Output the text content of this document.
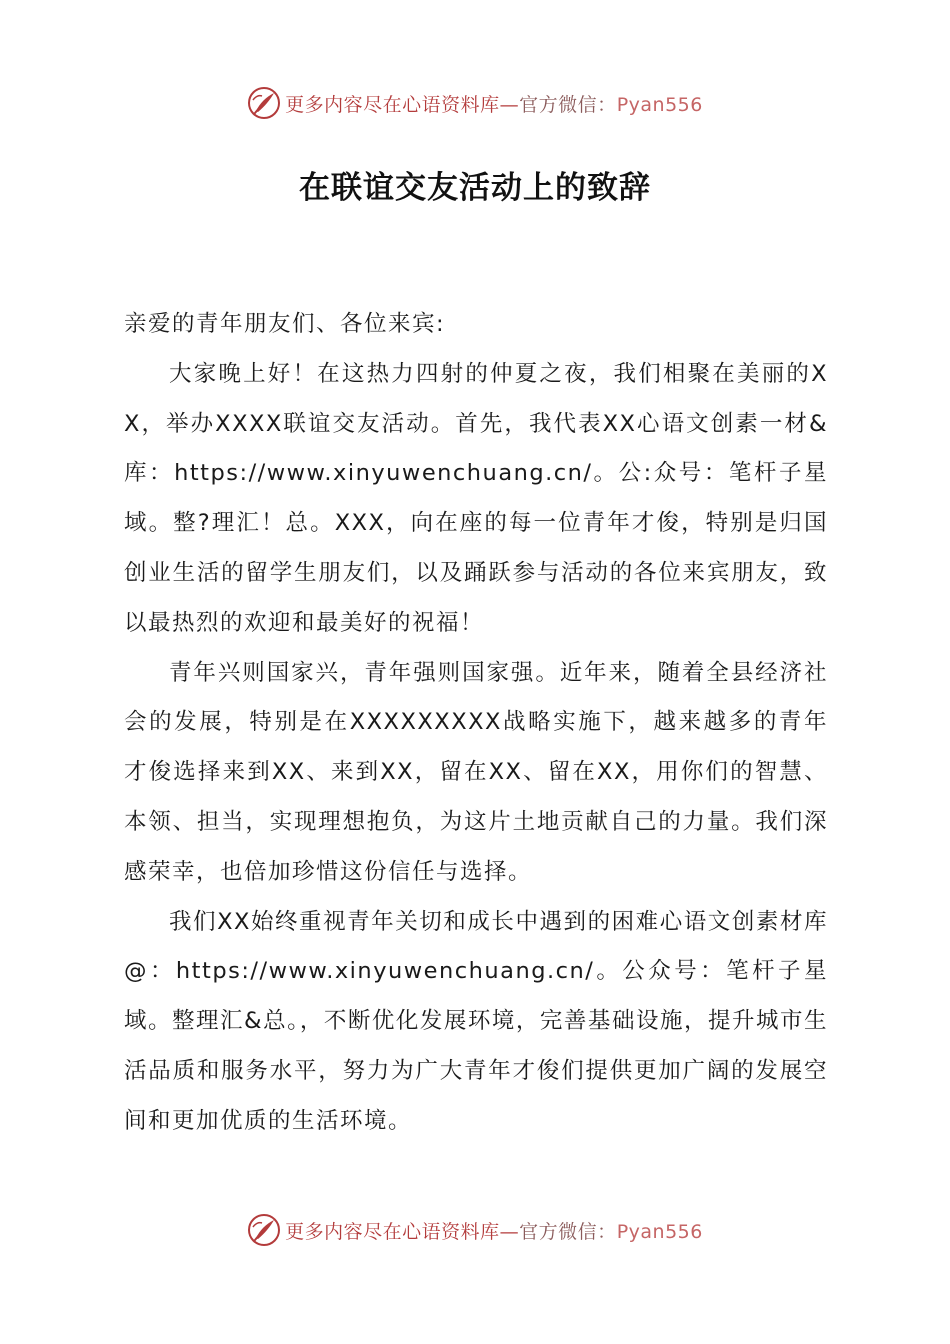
更多内容尽在心语资料库—官方微信：Pyan556
在联谊交友活动上的致辞

亲爱的青年朋友们、各位来宾:

大家晚上好！在这热力四射的仲夏之夜，我们相聚在美丽的XX，举办XXXX联谊交友活动。首先，我代表XX心语文创素一材&库：https://www.xinyuwenchuang.cn/。公:众号：笔杆子星域。整?理汇！总。XXX，向在座的每一位青年才俊，特别是归国创业生活的留学生朋友们，以及踊跃参与活动的各位来宾朋友，致以最热烈的欢迎和最美好的祝福！

青年兴则国家兴，青年强则国家强。近年来，随着全县经济社会的发展，特别是在XXXXXXXXX战略实施下，越来越多的青年才俊选择来到XX、来到XX，留在XX、留在XX，用你们的智慧、本领、担当，实现理想抱负，为这片土地贡献自己的力量。我们深感荣幸，也倍加珍惜这份信任与选择。

我们XX始终重视青年关切和成长中遇到的困难心语文创素材库@：https://www.xinyuwenchuang.cn/。公众号：笔杆子星域。整理汇&总。，不断优化发展环境，完善基础设施，提升城市生活品质和服务水平，努力为广大青年才俊们提供更加广阔的发展空间和更加优质的生活环境。

更多内容尽在心语资料库—官方微信：Pyan556
